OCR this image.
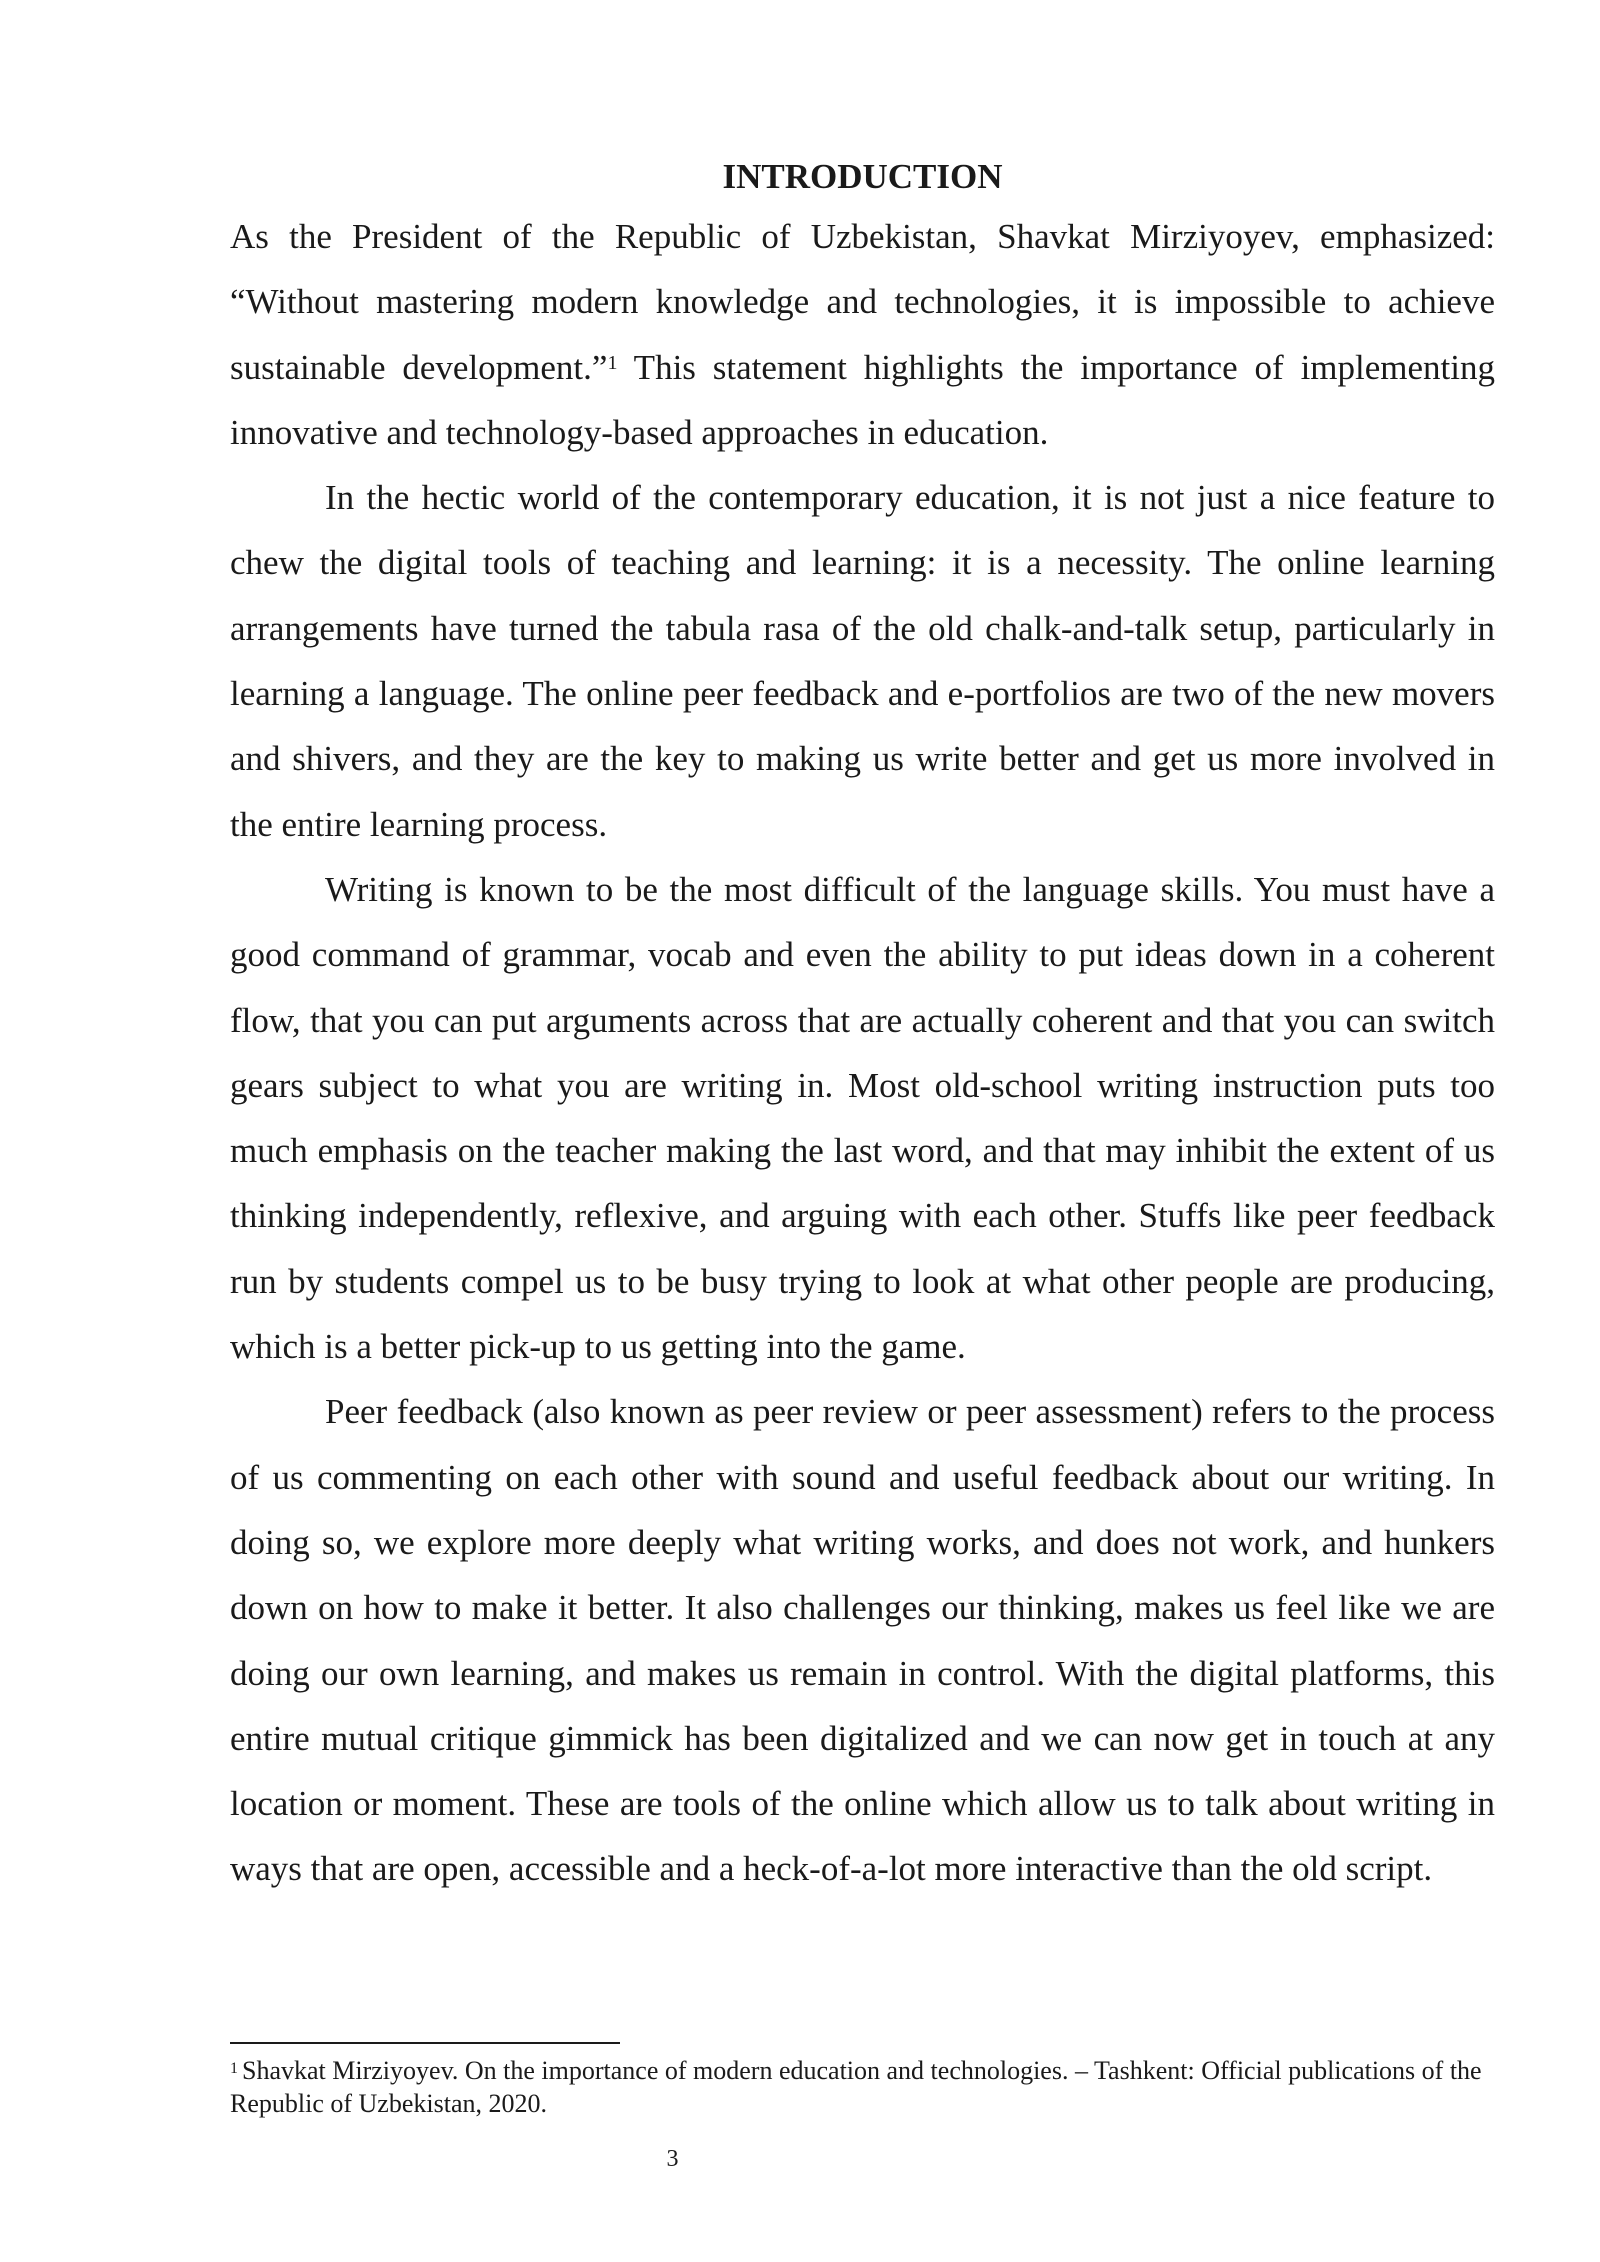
INTRODUCTION

As the President of the Republic of Uzbekistan, Shavkat Mirziyoyev, emphasized: “Without mastering modern knowledge and technologies, it is impossible to achieve sustainable development.”$^1$ This statement highlights the importance of implementing innovative and technology-based approaches in education.

In the hectic world of the contemporary education, it is not just a nice feature to chew the digital tools of teaching and learning: it is a necessity. The online learning arrangements have turned the tabula rasa of the old chalk-and-talk setup, particularly in learning a language. The online peer feedback and e-portfolios are two of the new movers and shivers, and they are the key to making us write better and get us more involved in the entire learning process.

Writing is known to be the most difficult of the language skills. You must have a good command of grammar, vocab and even the ability to put ideas down in a coherent flow, that you can put arguments across that are actually coherent and that you can switch gears subject to what you are writing in. Most old-school writing instruction puts too much emphasis on the teacher making the last word, and that may inhibit the extent of us thinking independently, reflexive, and arguing with each other. Stuffs like peer feedback run by students compel us to be busy trying to look at what other people are producing, which is a better pick-up to us getting into the game.

Peer feedback (also known as peer review or peer assessment) refers to the process of us commenting on each other with sound and useful feedback about our writing. In doing so, we explore more deeply what writing works, and does not work, and hunkers down on how to make it better. It also challenges our thinking, makes us feel like we are doing our own learning, and makes us remain in control. With the digital platforms, this entire mutual critique gimmick has been digitalized and we can now get in touch at any location or moment. These are tools of the online which allow us to talk about writing in ways that are open, accessible and a heck-of-a-lot more interactive than the old script.

$^1$ Shavkat Mirziyoyev. On the importance of modern education and technologies. – Tashkent: Official publications of the Republic of Uzbekistan, 2020.
3
